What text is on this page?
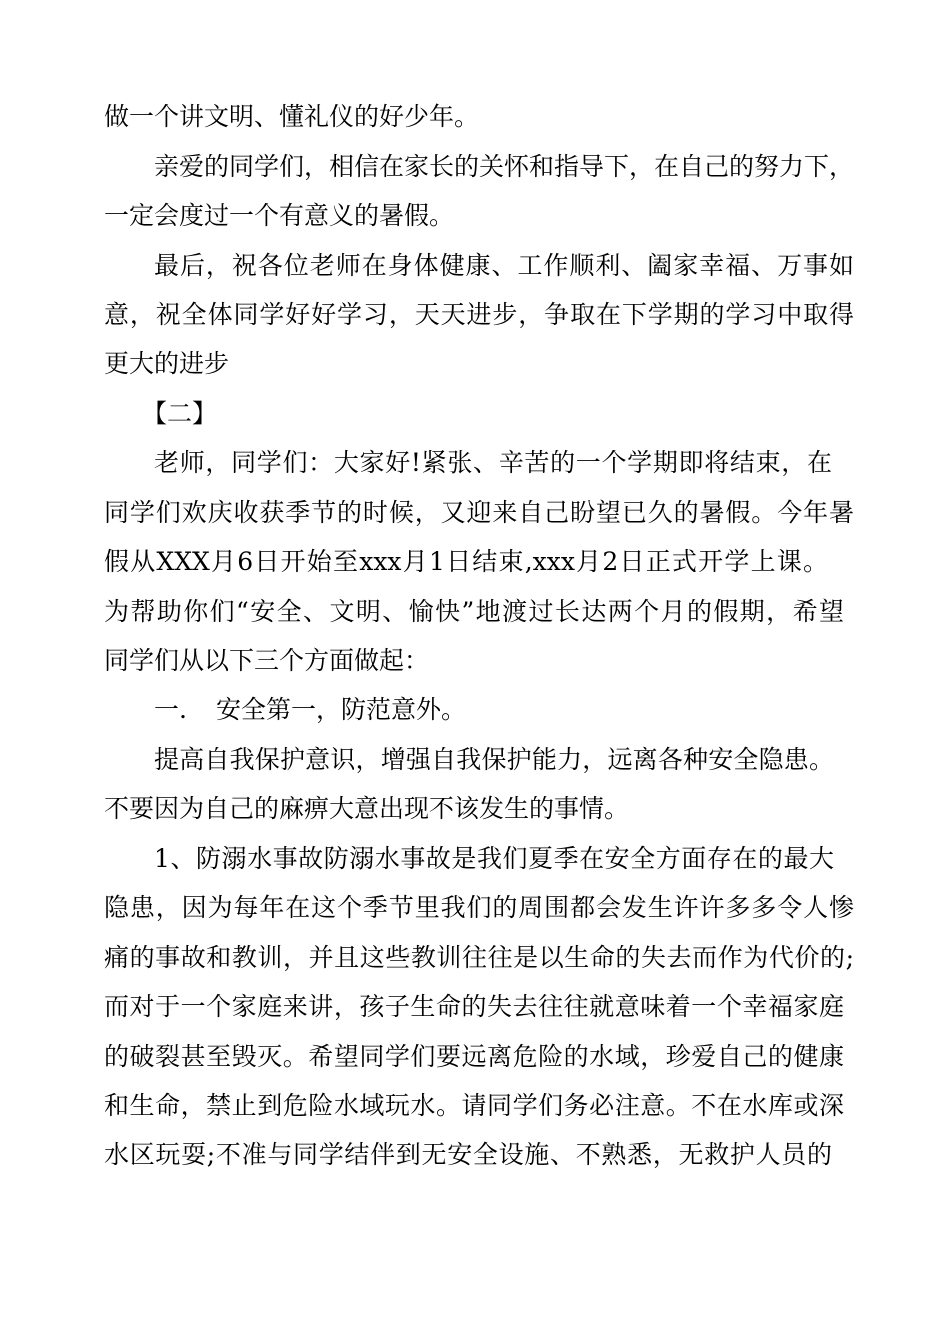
做一个讲文明、懂礼仪的好少年。
亲爱的同学们，相信在家长的关怀和指导下，在自己的努力下，
一定会度过一个有意义的暑假。
最后，祝各位老师在身体健康、工作顺利、阖家幸福、万事如
意，祝全体同学好好学习，天天进步，争取在下学期的学习中取得
更大的进步
【二】
老师，同学们：大家好!紧张、辛苦的一个学期即将结束，在
同学们欢庆收获季节的时候，又迎来自己盼望已久的暑假。今年暑
假从XXX月6日开始至xxx月1日结束,xxx月2日正式开学上课。
为帮助你们“安全、文明、愉快”地渡过长达两个月的假期，希望
同学们从以下三个方面做起：
一. 安全第一，防范意外。
提高自我保护意识，增强自我保护能力，远离各种安全隐患。
不要因为自己的麻痹大意出现不该发生的事情。
1、防溺水事故防溺水事故是我们夏季在安全方面存在的最大
隐患，因为每年在这个季节里我们的周围都会发生许许多多令人惨
痛的事故和教训，并且这些教训往往是以生命的失去而作为代价的;
而对于一个家庭来讲，孩子生命的失去往往就意味着一个幸福家庭
的破裂甚至毁灭。希望同学们要远离危险的水域，珍爱自己的健康
和生命，禁止到危险水域玩水。请同学们务必注意。不在水库或深
水区玩耍;不准与同学结伴到无安全设施、不熟悉，无救护人员的
